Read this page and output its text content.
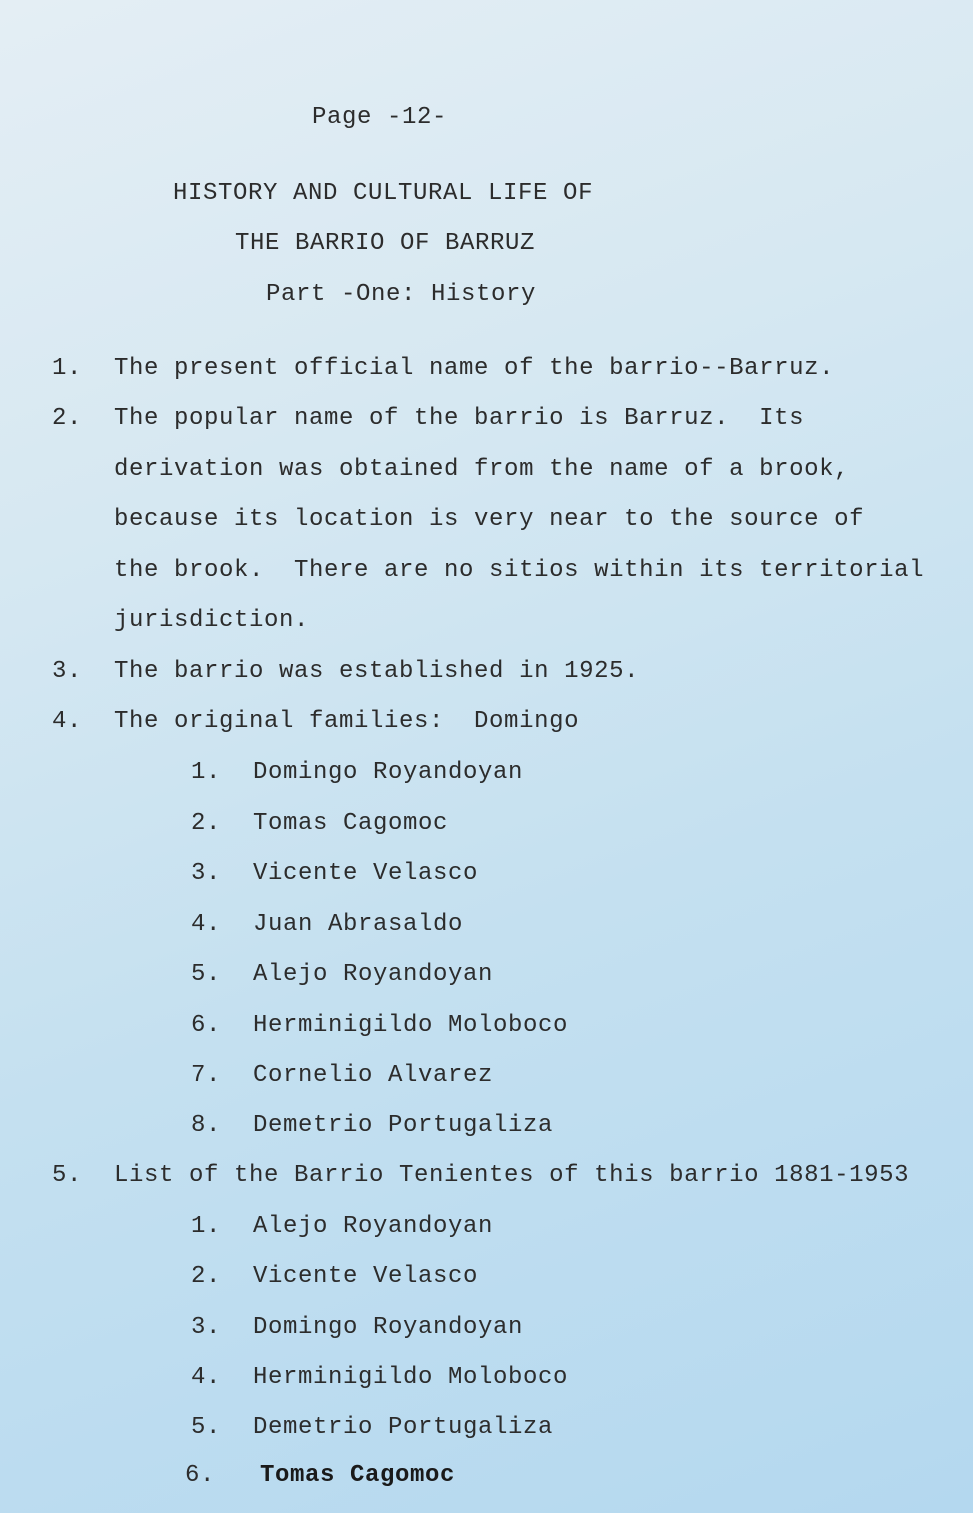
Page -12-
HISTORY AND CULTURAL LIFE OF
THE BARRIO OF BARRUZ
Part -One: History
1. The present official name of the barrio--Barruz.
2. The popular name of the barrio is Barruz.  Its
derivation was obtained from the name of a brook,
because its location is very near to the source of
the brook.  There are no sitios within its territorial
jurisdiction.
3. The barrio was established in 1925.
4. The original families:  Domingo
1. Domingo Royandoyan
2. Tomas Cagomoc
3. Vicente Velasco
4. Juan Abrasaldo
5. Alejo Royandoyan
6. Herminigildo Moloboco
7. Cornelio Alvarez
8. Demetrio Portugaliza
5. List of the Barrio Tenientes of this barrio 1881-1953
1. Alejo Royandoyan
2. Vicente Velasco
3. Domingo Royandoyan
4. Herminigildo Moloboco
5. Demetrio Portugaliza
6. Tomas Cagomoc
